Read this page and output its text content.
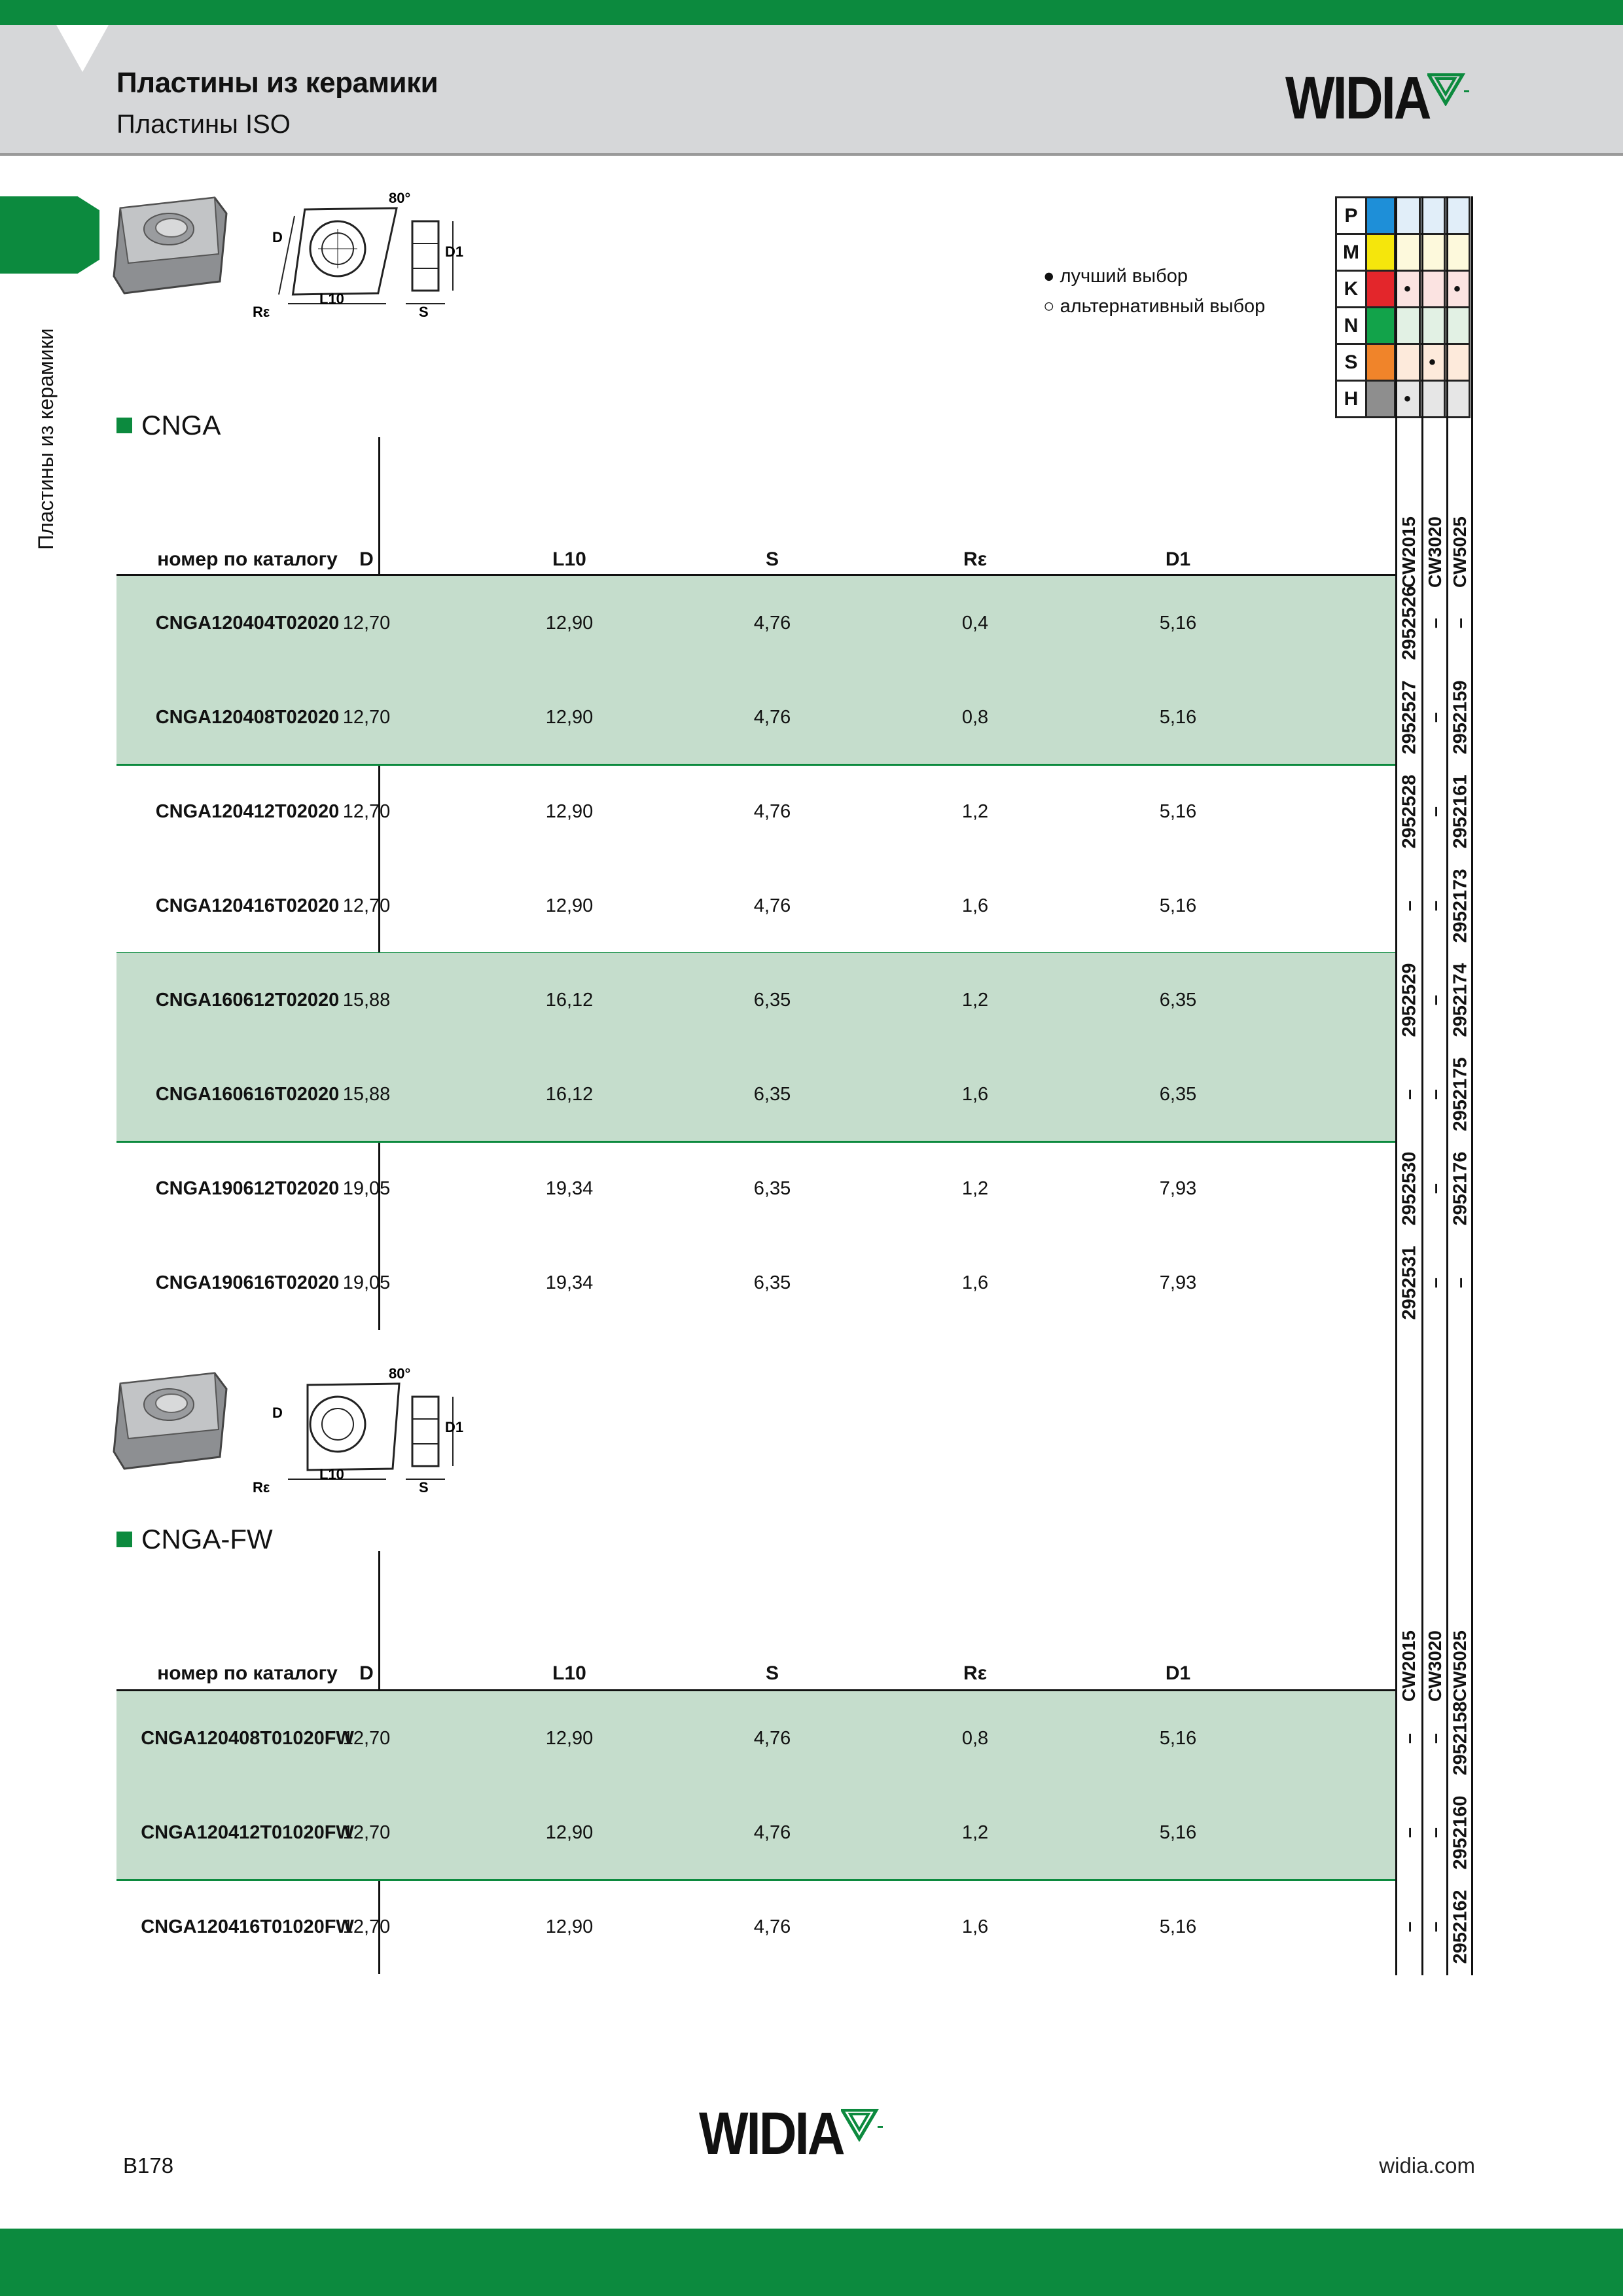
Пластины из керамики
Пластины ISO	WIDIA
Пластины из керамики
80°
D
D1
L10
S
Rε
● лучший выбор
○ альтернативный выбор
P				
M				
K		•		•
N				
S			•	
H		•		
CNGA
номер по каталогу	D	L10	S	Rε	D1	CW2015 CW3020 CW5025
CNGA120404T02020 12,70	12,90	4,76	0,4	5,16	2952526 – –
CNGA120408T02020 12,70	12,90	4,76	0,8	5,16	2952527 – 2952159
CNGA120412T02020 12,70	12,90	4,76	1,2	5,16	2952528 – 2952161
CNGA120416T02020 12,70	12,90	4,76	1,6	5,16	– – 2952173
CNGA160612T02020 15,88	16,12	6,35	1,2	6,35	2952529 – 2952174
CNGA160616T02020 15,88	16,12	6,35	1,6	6,35	– – 2952175
CNGA190612T02020 19,05	19,34	6,35	1,2	7,93	2952530 – 2952176
CNGA190616T02020 19,05	19,34	6,35	1,6	7,93	2952531 – –
80°
D
D1
L10
S
Rε
CNGA-FW
номер по каталогу	D	L10	S	Rε	D1	CW2015 CW3020 CW5025
CNGA120408T01020FW
12,70	12,90	4,76	0,8	5,16	– – 2952158
CNGA120412T01020FW
12,70	12,90	4,76	1,2	5,16	– – 2952160
CNGA120416T01020FW
12,70	12,90	4,76	1,6	5,16	– – 2952162
WIDIA
B178	widia.com
